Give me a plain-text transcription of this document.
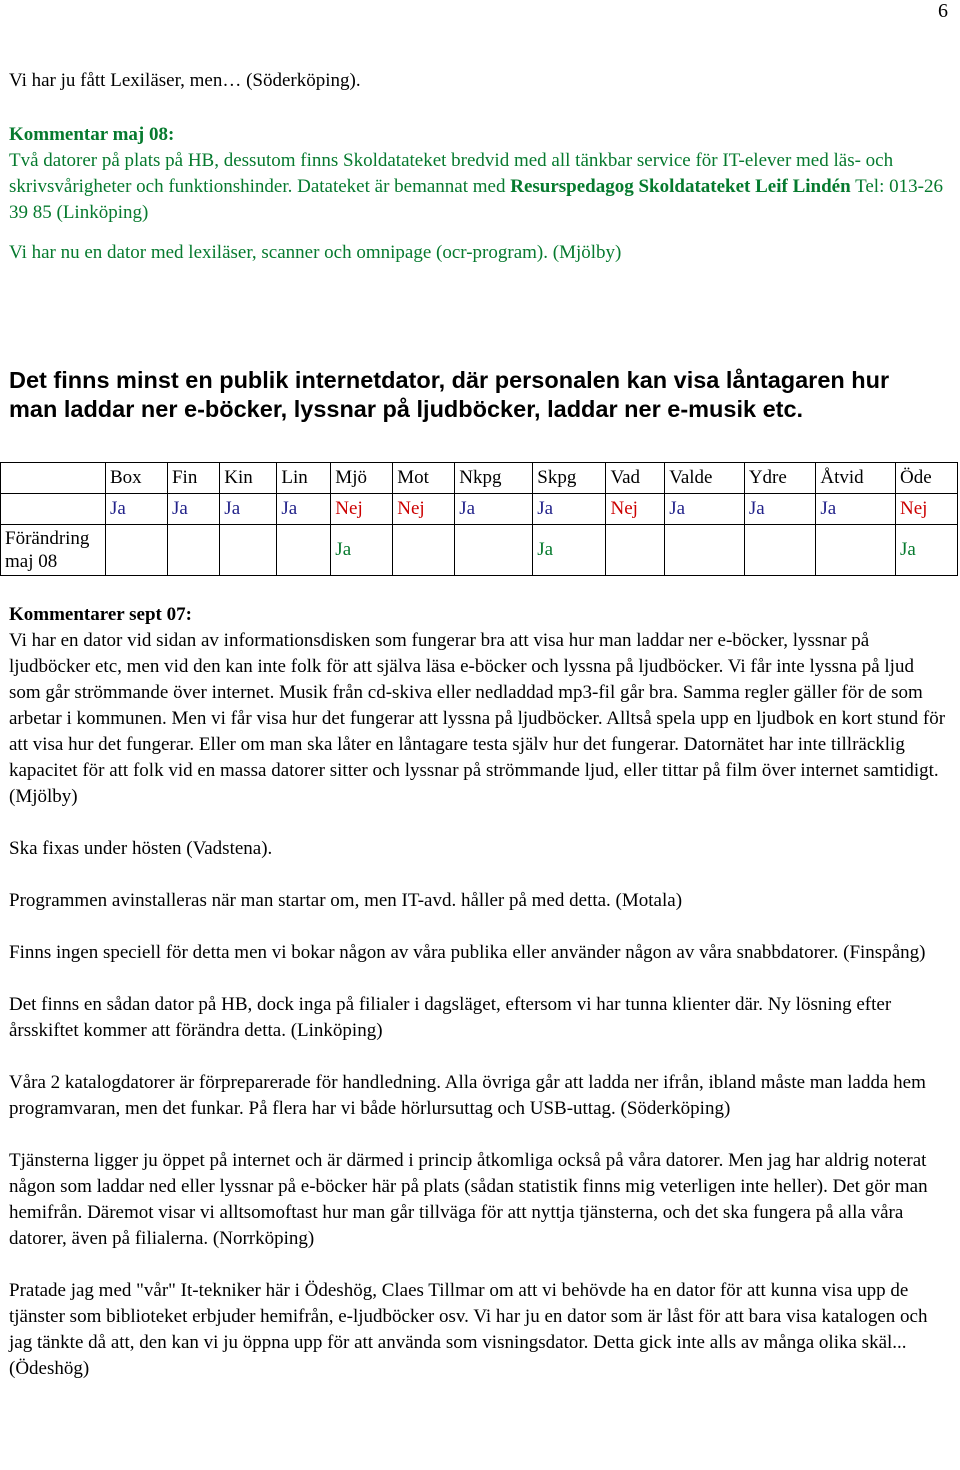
6
Vi har ju fått Lexiläser, men… (Söderköping).
Kommentar maj 08:
Två datorer på plats på HB, dessutom finns Skoldatateket bredvid med all tänkbar service för IT-elever med läs- och skrivsvårigheter och funktionshinder. Datateket är bemannat med Resurspedagog Skoldatateket Leif Lindén Tel: 013-26 39 85 (Linköping)
Vi har nu en dator med lexiläser, scanner och omnipage (ocr-program). (Mjölby)
Det finns minst en publik internetdator, där personalen kan visa låntagaren hur man laddar ner e-böcker, lyssnar på ljudböcker, laddar ner e-musik etc.
	Box	Fin	Kin	Lin	Mjö	Mot	Nkpg	Skpg	Vad	Valde	Ydre	Åtvid	Öde
	Ja	Ja	Ja	Ja	Nej	Nej	Ja	Ja	Nej	Ja	Ja	Ja	Nej
Förändring maj 08					Ja			Ja					Ja
Kommentarer sept 07:
Vi har en dator vid sidan av informationsdisken som fungerar bra att visa hur man laddar ner e-böcker, lyssnar på ljudböcker etc, men vid den kan inte folk för att själva läsa e-böcker och lyssna på ljudböcker. Vi får inte lyssna på ljud som går strömmande över internet. Musik från cd-skiva eller nedladdad mp3-fil går bra. Samma regler gäller för de som arbetar i kommunen. Men vi får visa hur det fungerar att lyssna på ljudböcker. Alltså spela upp en ljudbok en kort stund för att visa hur det fungerar. Eller om man ska låter en låntagare testa själv hur det fungerar. Datornätet har inte tillräcklig kapacitet för att folk vid en massa datorer sitter och lyssnar på strömmande ljud, eller tittar på film över internet samtidigt. (Mjölby)
Ska fixas under hösten (Vadstena).
Programmen avinstalleras när man startar om, men IT-avd. håller på med detta. (Motala)
Finns ingen speciell för detta men vi bokar någon av våra publika eller använder någon av våra snabbdatorer. (Finspång)
Det finns en sådan dator på HB, dock inga på filialer i dagsläget, eftersom vi har tunna klienter där. Ny lösning efter årsskiftet kommer att förändra detta. (Linköping)
Våra 2 katalogdatorer är förpreparerade för handledning. Alla övriga går att ladda ner ifrån, ibland måste man ladda hem programvaran, men det funkar. På flera har vi både hörlursuttag och USB-uttag. (Söderköping)
Tjänsterna ligger ju öppet på internet och är därmed i princip åtkomliga också på våra datorer. Men jag har aldrig noterat någon som laddar ned eller lyssnar på e-böcker här på plats (sådan statistik finns mig veterligen inte heller). Det gör man hemifrån. Däremot visar vi alltsomoftast hur man går tillväga för att nyttja tjänsterna, och det ska fungera på alla våra datorer, även på filialerna. (Norrköping)
Pratade jag med "vår" It-tekniker här i Ödeshög, Claes Tillmar om att vi behövde ha en dator för att kunna visa upp de tjänster som biblioteket erbjuder hemifrån, e-ljudböcker osv. Vi har ju en dator som är låst för att bara visa katalogen och jag tänkte då att, den kan vi ju öppna upp för att använda som visningsdator. Detta gick inte alls av många olika skäl... (Ödeshög)
